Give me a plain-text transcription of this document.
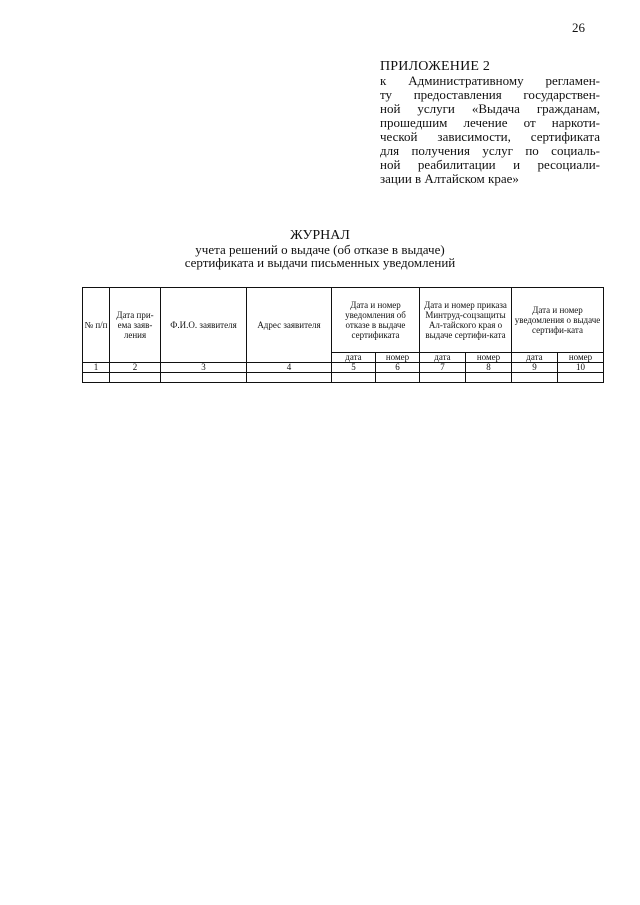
26
ПРИЛОЖЕНИЕ 2
к Административному регламен-
ту предоставления государствен-
ной услуги «Выдача гражданам,
прошедшим лечение от наркоти-
ческой зависимости, сертификата
для получения услуг по социаль-
ной реабилитации и ресоциали-
зации в Алтайском крае»
ЖУРНАЛ
учета решений о выдаче (об отказе в выдаче)
сертификата и выдачи письменных уведомлений
№ п/п	Дата при-ема заяв-ления	Ф.И.О. заявителя	Адрес заявителя	Дата и номер уведомления об отказе в выдаче сертификата		Дата и номер приказа Минтруд-соцзащиты Ал-тайского края о выдаче сертифи-ката		Дата и номер уведомления о выдаче сертифи-ката	
				дата	номер	дата	номер	дата	номер
1	2	3	4	5	6	7	8	9	10
